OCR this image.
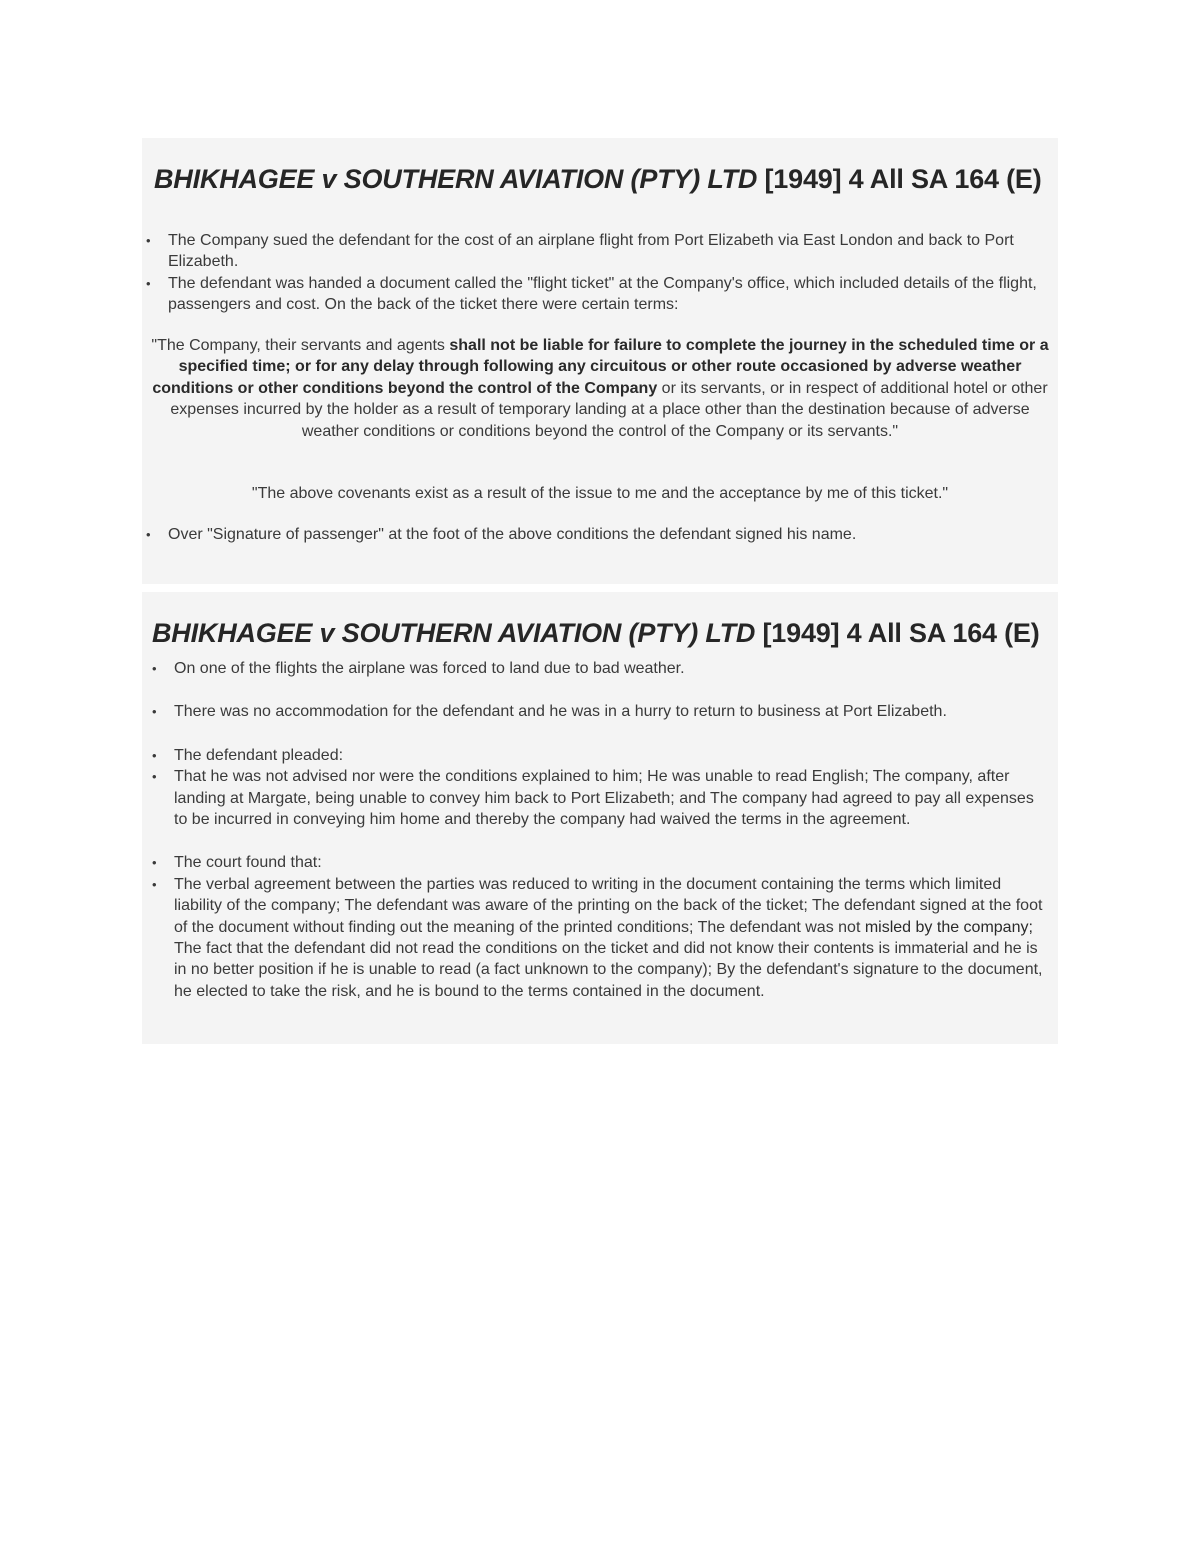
BHIKHAGEE v SOUTHERN AVIATION (PTY) LTD [1949] 4 All SA 164 (E)
• The Company sued the defendant for the cost of an airplane flight from Port Elizabeth via East London and back to Port Elizabeth.
• The defendant was handed a document called the "flight ticket" at the Company's office, which included details of the flight, passengers and cost. On the back of the ticket there were certain terms:
"The Company, their servants and agents shall not be liable for failure to complete the journey in the scheduled time or a specified time; or for any delay through following any circuitous or other route occasioned by adverse weather conditions or other conditions beyond the control of the Company or its servants, or in respect of additional hotel or other expenses incurred by the holder as a result of temporary landing at a place other than the destination because of adverse weather conditions or conditions beyond the control of the Company or its servants."
"The above covenants exist as a result of the issue to me and the acceptance by me of this ticket."
• Over "Signature of passenger" at the foot of the above conditions the defendant signed his name.
BHIKHAGEE v SOUTHERN AVIATION (PTY) LTD [1949] 4 All SA 164 (E)
• On one of the flights the airplane was forced to land due to bad weather.
• There was no accommodation for the defendant and he was in a hurry to return to business at Port Elizabeth.
• The defendant pleaded:
• That he was not advised nor were the conditions explained to him; He was unable to read English; The company, after landing at Margate, being unable to convey him back to Port Elizabeth; and The company had agreed to pay all expenses to be incurred in conveying him home and thereby the company had waived the terms in the agreement.
• The court found that:
• The verbal agreement between the parties was reduced to writing in the document containing the terms which limited liability of the company; The defendant was aware of the printing on the back of the ticket; The defendant signed at the foot of the document without finding out the meaning of the printed conditions; The defendant was not misled by the company; The fact that the defendant did not read the conditions on the ticket and did not know their contents is immaterial and he is in no better position if he is unable to read (a fact unknown to the company); By the defendant's signature to the document, he elected to take the risk, and he is bound to the terms contained in the document.
